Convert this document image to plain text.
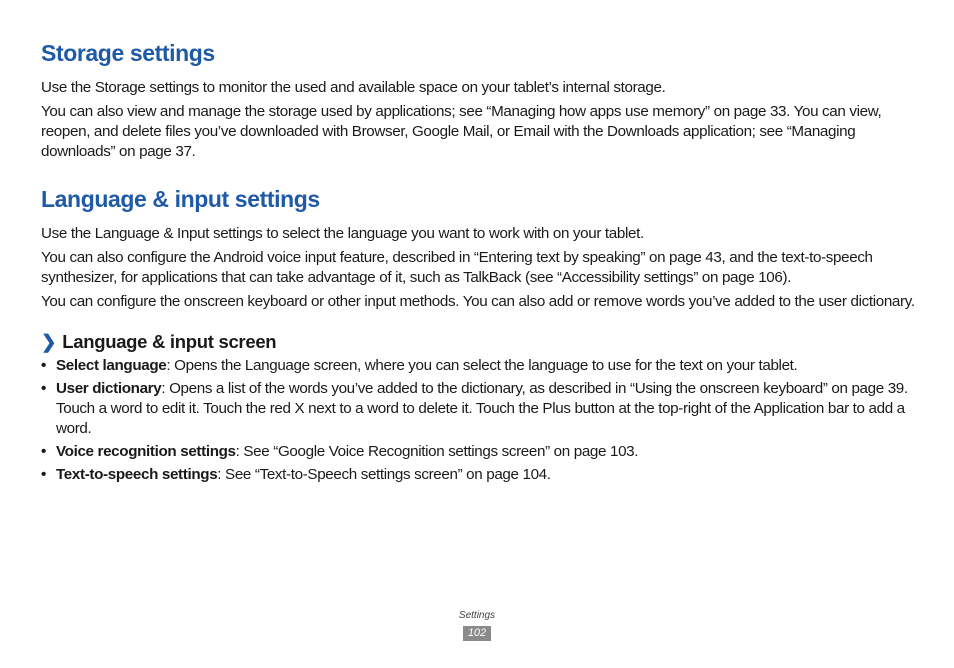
Storage settings

Use the Storage settings to monitor the used and available space on your tablet’s internal storage.

You can also view and manage the storage used by applications; see “Managing how apps use memory” on page 33. You can view, reopen, and delete files you’ve downloaded with Browser, Google Mail, or Email with the Downloads application; see “Managing downloads” on page 37.

Language & input settings

Use the Language & Input settings to select the language you want to work with on your tablet.

You can also configure the Android voice input feature, described in “Entering text by speaking” on page 43, and the text-to-speech synthesizer, for applications that can take advantage of it, such as TalkBack (see “Accessibility settings” on page 106).

You can configure the onscreen keyboard or other input methods. You can also add or remove words you’ve added to the user dictionary.

❯ Language & input screen
• Select language: Opens the Language screen, where you can select the language to use for the text on your tablet.
• User dictionary: Opens a list of the words you’ve added to the dictionary, as described in “Using the onscreen keyboard” on page 39. Touch a word to edit it. Touch the red X next to a word to delete it. Touch the Plus button at the top-right of the Application bar to add a word.
• Voice recognition settings: See “Google Voice Recognition settings screen” on page 103.
• Text-to-speech settings: See “Text-to-Speech settings screen” on page 104.
Settings
102
